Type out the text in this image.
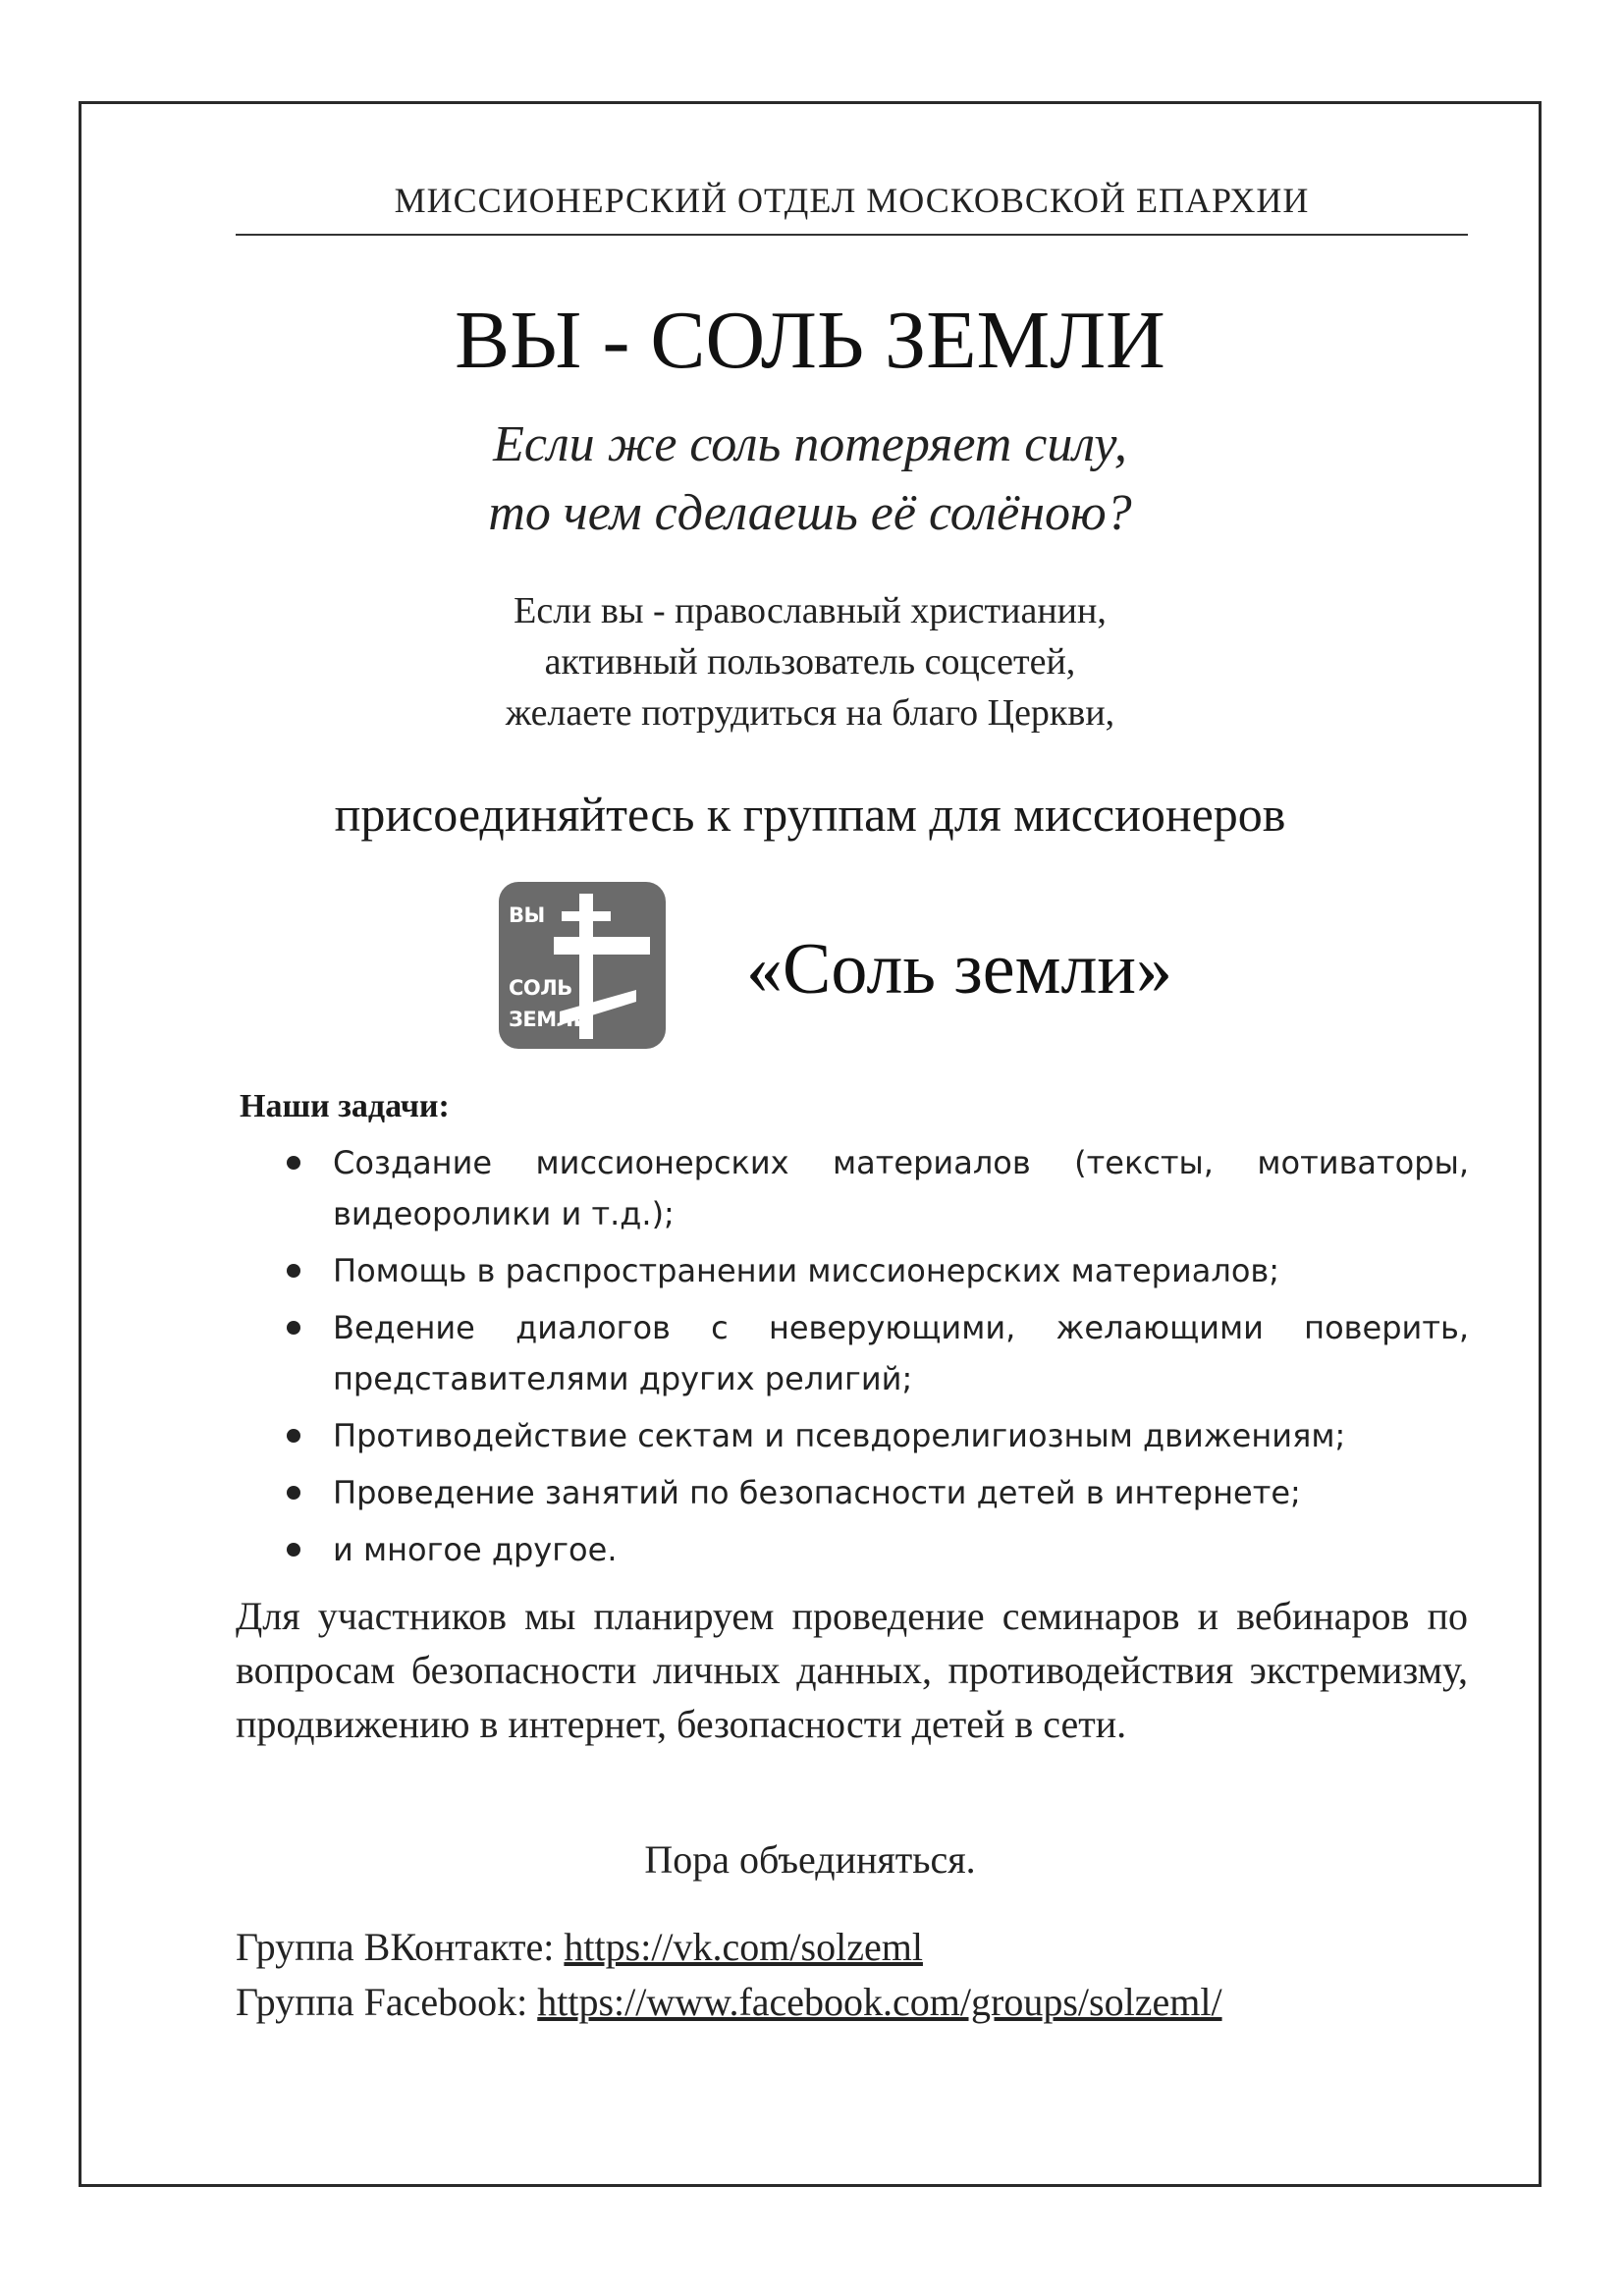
МИССИОНЕРСКИЙ ОТДЕЛ МОСКОВСКОЙ ЕПАРХИИ
ВЫ - СОЛЬ ЗЕМЛИ
Если же соль потеряет силу,
то чем сделаешь её солёною?
Если вы - православный христианин,
активный пользователь соцсетей,
желаете потрудиться на благо Церкви,
присоединяйтесь к группам для миссионеров
ВЫ
СОЛЬ
ЗЕМЛИ
«Соль земли»
Наши задачи:
Создание миссионерских материалов (тексты, мотиваторы, видеоролики и т.д.);
Помощь в распространении миссионерских материалов;
Ведение диалогов с неверующими, желающими поверить, представителями других религий;
Противодействие сектам и псевдорелигиозным движениям;
Проведение занятий по безопасности детей в интернете;
и многое другое.
Для участников мы планируем проведение семинаров и вебинаров по вопросам безопасности личных данных, противодействия экстремизму, продвижению в интернет, безопасности детей в сети.
Пора объединяться.
Группа ВКонтакте: https://vk.com/solzeml
Группа Facebook: https://www.facebook.com/groups/solzeml/
